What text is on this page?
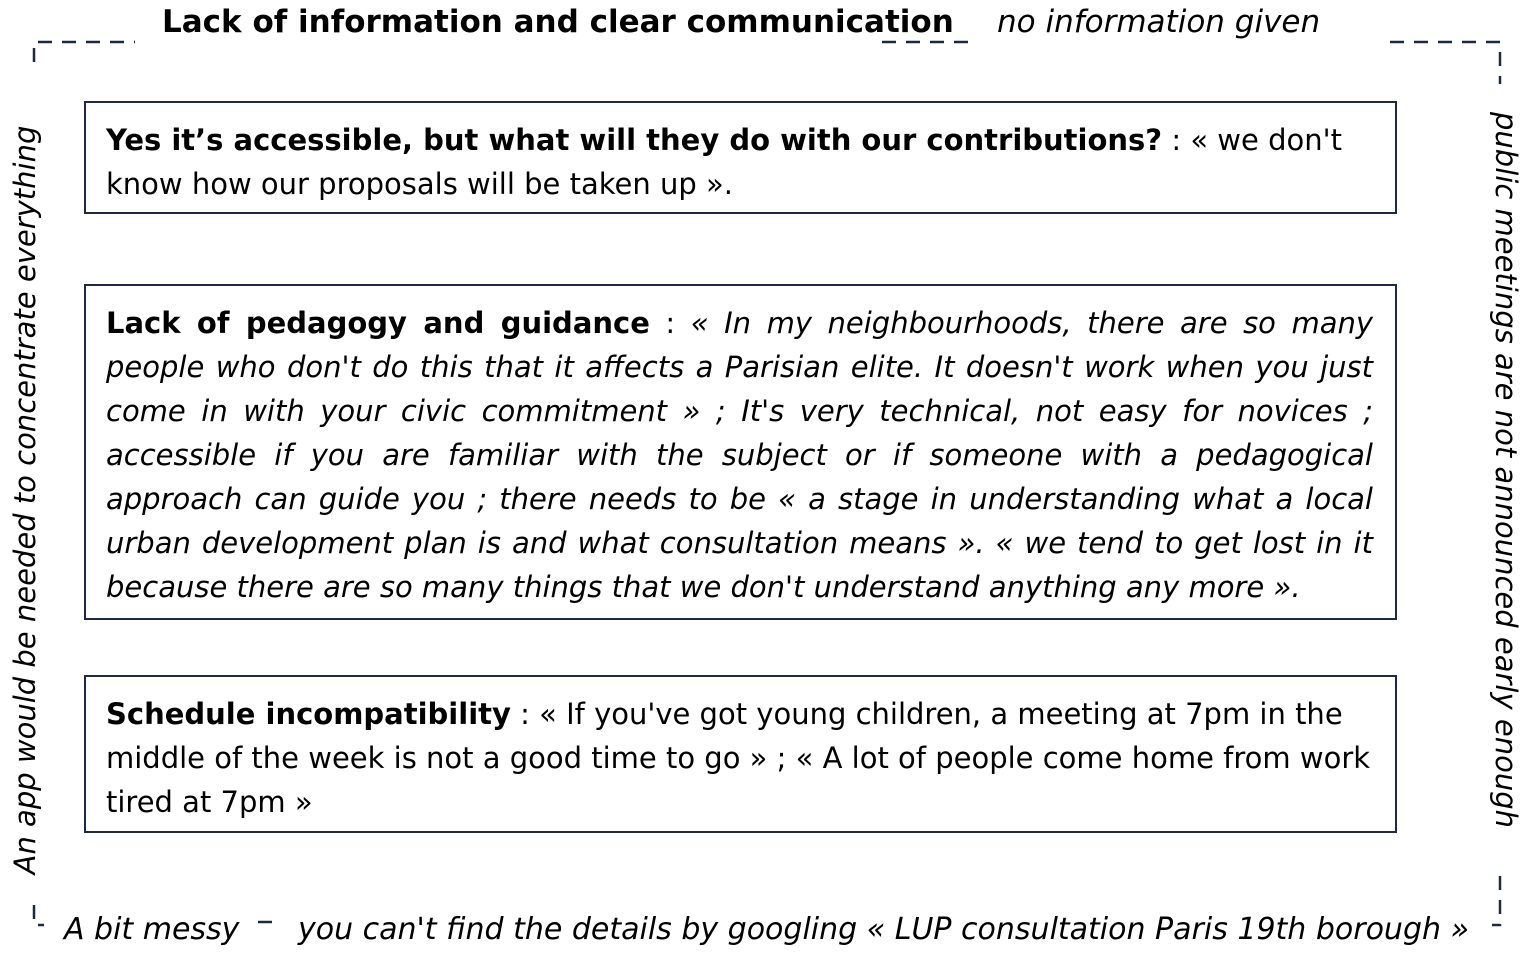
Lack of information and clear communication no information given
An app would be needed to concentrate everything	public meetings are not announced early enough
A bit messy you can't find the details by googling « LUP consultation Paris 19th borough »
Yes it’s accessible, but what will they do with our contributions? : « we don't know how our proposals will be taken up ».
Lack of pedagogy and guidance : « In my neighbourhoods, there are so many people who don't do this that it affects a Parisian elite. It doesn't work when you just come in with your civic commitment » ; It's very technical, not easy for novices ; accessible if you are familiar with the subject or if someone with a pedagogical approach can guide you ; there needs to be « a stage in understanding what a local urban development plan is and what consultation means ». « we tend to get lost in it because there are so many things that we don't understand anything any more ».
Schedule incompatibility : « If you've got young children, a meeting at 7pm in the middle of the week is not a good time to go » ; « A lot of people come home from work tired at 7pm »
